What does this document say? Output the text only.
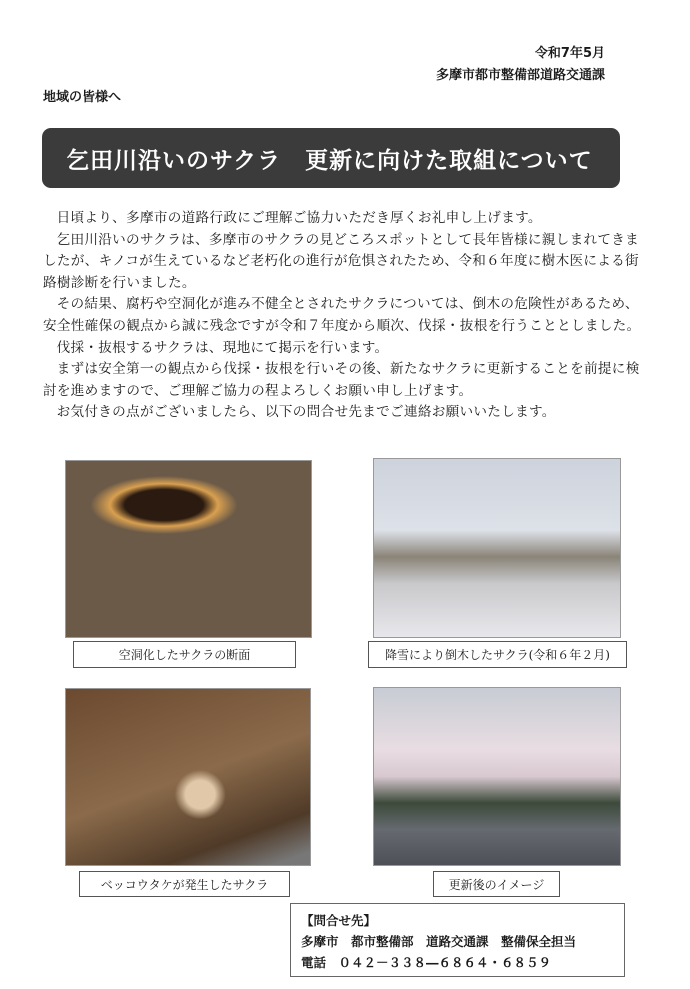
令和7年5月
多摩市都市整備部道路交通課
地域の皆様へ
乞田川沿いのサクラ　更新に向けた取組について

日頃より、多摩市の道路行政にご理解ご協力いただき厚くお礼申し上げます。

乞田川沿いのサクラは、多摩市のサクラの見どころスポットとして長年皆様に親しまれてきましたが、キノコが生えているなど老朽化の進行が危惧されたため、令和６年度に樹木医による街路樹診断を行いました。

その結果、腐朽や空洞化が進み不健全とされたサクラについては、倒木の危険性があるため、安全性確保の観点から誠に残念ですが令和７年度から順次、伐採・抜根を行うこととしました。

伐採・抜根するサクラは、現地にて掲示を行います。

まずは安全第一の観点から伐採・抜根を行いその後、新たなサクラに更新することを前提に検討を進めますので、ご理解ご協力の程よろしくお願い申し上げます。

お気付きの点がございましたら、以下の問合せ先までご連絡お願いいたします。

空洞化したサクラの断面	降雪により倒木したサクラ(令和６年２月)
ベッコウタケが発生したサクラ	更新後のイメージ
【問合せ先】
多摩市　都市整備部　道路交通課　整備保全担当
電話　０４２－３３８―６８６４・６８５９
